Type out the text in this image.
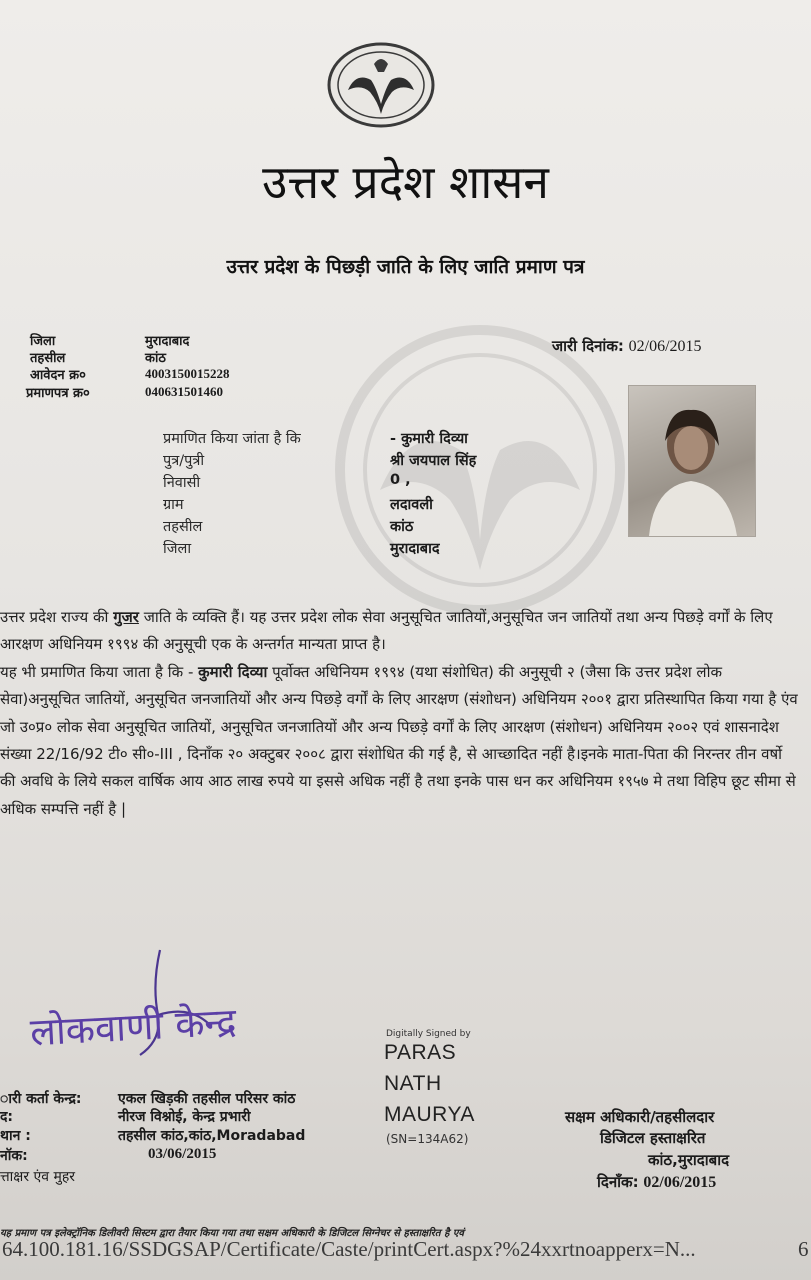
उत्तर प्रदेश शासन
उत्तर प्रदेश के पिछड़ी जाति के लिए जाति प्रमाण पत्र
जिला	मुरादाबाद
तहसील	कांठ
आवेदन क्र०	4003150015228
प्रमाणपत्र क्र०	040631501460
जारी दिनांक: 02/06/2015
प्रमाणित किया जांता है कि	- कुमारी दिव्या
पुत्र/पुत्री	श्री जयपाल सिंह
निवासी	0 ,
ग्राम	लदावली
तहसील	कांठ
जिला	मुरादाबाद

उत्तर प्रदेश राज्य की गुजर जाति के व्यक्ति हैं। यह उत्तर प्रदेश लोक सेवा अनुसूचित जातियों,अनुसूचित जन जातियों तथा अन्य पिछड़े वर्गों के लिए आरक्षण अधिनियम १९९४ की अनुसूची एक के अन्तर्गत मान्यता प्राप्त है।

यह भी प्रमाणित किया जाता है कि - कुमारी दिव्या पूर्वोक्त अधिनियम १९९४ (यथा संशोधित) की अनुसूची २ (जैसा कि उत्तर प्रदेश लोक सेवा)अनुसूचित जातियों, अनुसूचित जनजातियों और अन्य पिछड़े वर्गों के लिए आरक्षण (संशोधन) अधिनियम २००१ द्वारा प्रतिस्थापित किया गया है एंव जो उ०प्र० लोक सेवा अनुसूचित जातियों, अनुसूचित जनजातियों और अन्य पिछड़े वर्गों के लिए आरक्षण (संशोधन) अधिनियम २००२ एवं शासनादेश संख्या 22/16/92 टी० सी०-III , दिनाँक २० अक्टुबर २००८ द्वारा संशोधित की गई है, से आच्छादित नहीं है।इनके माता-पिता की निरन्तर तीन वर्षो की अवधि के लिये सकल वार्षिक आय आठ लाख रुपये या इससे अधिक नहीं है तथा इनके पास धन कर अधिनियम १९५७ मे तथा विहिप छूट सीमा से अधिक सम्पत्ति नहीं है |

लोकवाणी केन्द्र
ारी कर्ता केन्द्र:	एकल खिड़की तहसील परिसर कांठ
द:	नीरज विश्नोई, केन्द्र प्रभारी
थान :	तहसील कांठ,कांठ,Moradabad
नॉक:	03/06/2015
त्ताक्षर एंव मुहर
Digitally Signed by
PARAS
NATH
MAURYA
(SN=134A62)
सक्षम अधिकारी/तहसीलदार
डिजिटल हस्ताक्षरित
कांठ,मुरादाबाद
दिनाँक: 02/06/2015
यह प्रमाण पत्र इलेक्ट्रॉनिक डिलीवरी सिस्टम द्वारा तैयार किया गया तथा सक्षम अधिकारी के डिजिटल सिग्नेचर से हस्ताक्षरित है एवं
64.100.181.16/SSDGSAP/Certificate/Caste/printCert.aspx?%24xxrtnoapperx=N...	6
